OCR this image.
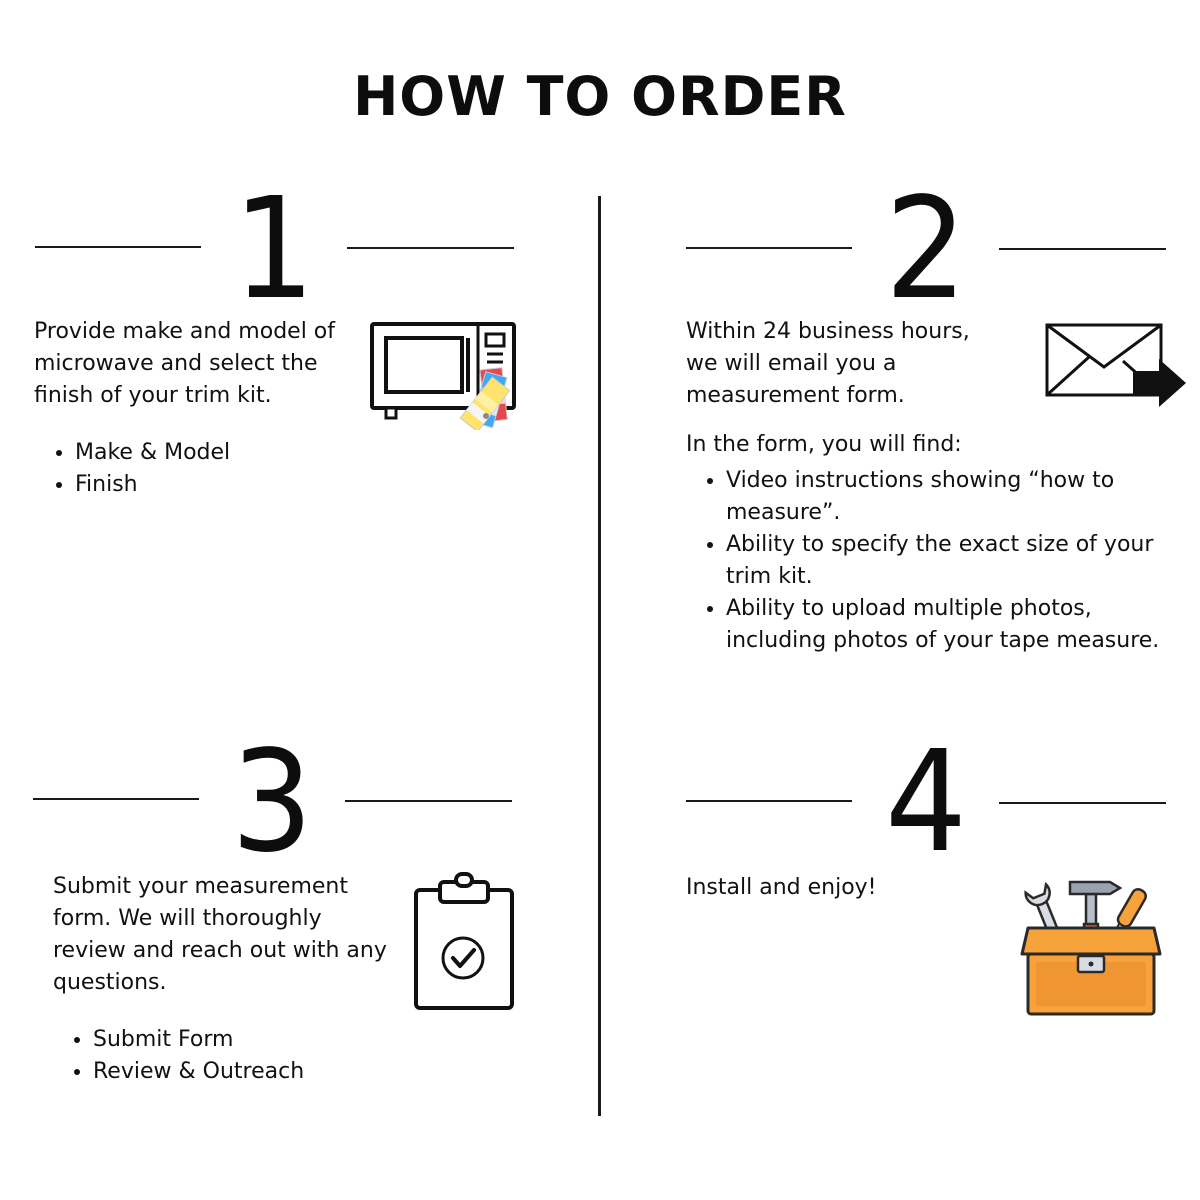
HOW TO ORDER
1

Provide make and model of microwave and select the finish of your trim kit.

• Make & Model
• Finish
2

Within 24 business hours, we will email you a measurement form.

In the form, you will find:

• Video instructions showing “how to measure”.
• Ability to specify the exact size of your trim kit.
• Ability to upload multiple photos, including photos of your tape measure.
3

Submit your measurement form. We will thoroughly review and reach out with any questions.

• Submit Form
• Review & Outreach
4

Install and enjoy!
